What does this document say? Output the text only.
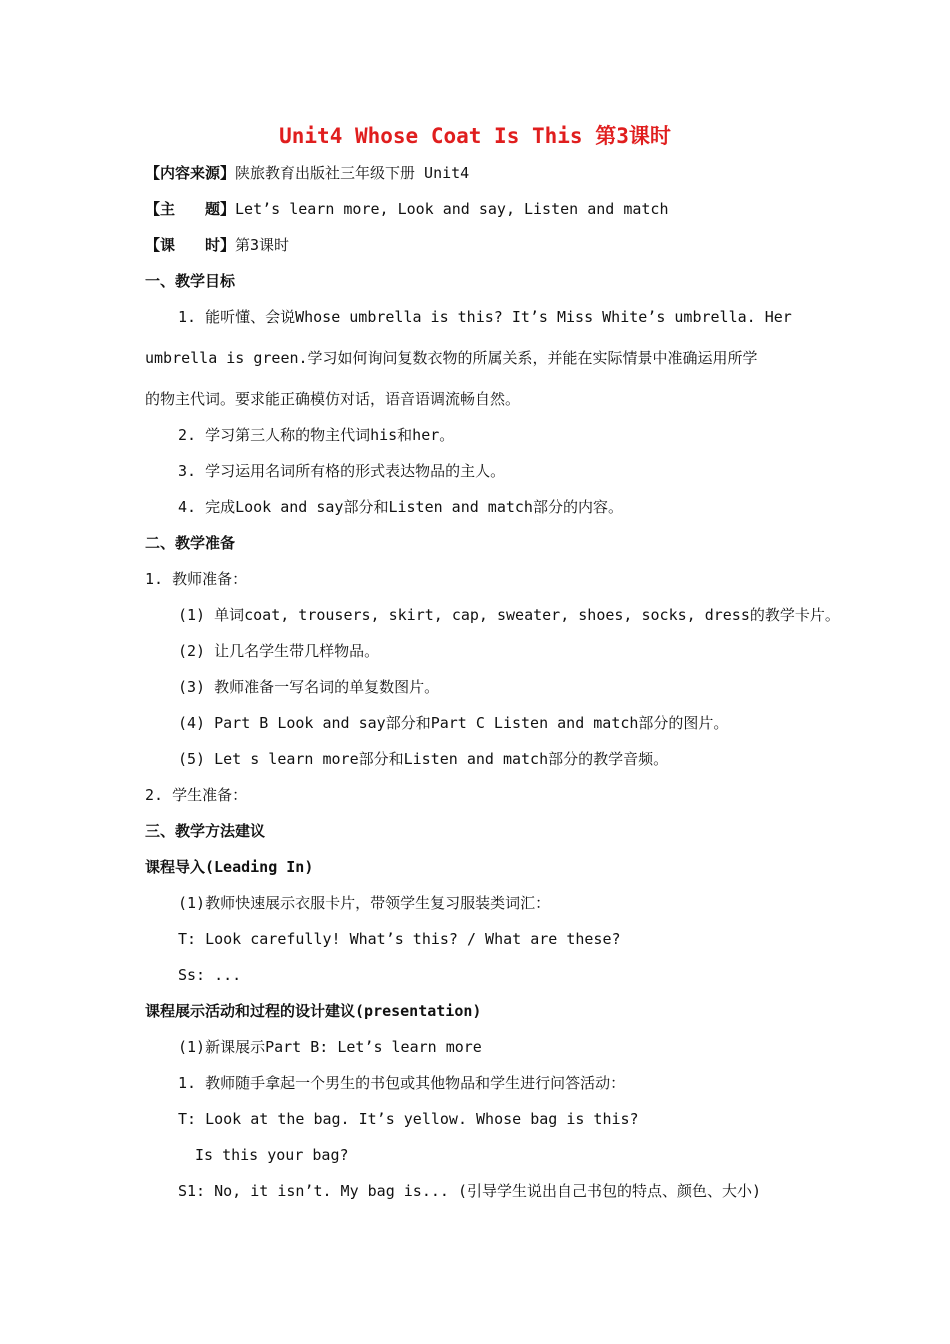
Unit4 Whose Coat Is This 第3课时
【内容来源】陕旅教育出版社三年级下册 Unit4
【主　　题】Let’s learn more, Look and say, Listen and match
【课　　时】第3课时
一、教学目标
1. 能听懂、会说Whose umbrella is this? It’s Miss White’s umbrella. Her
umbrella is green.学习如何询问复数衣物的所属关系，并能在实际情景中准确运用所学
的物主代词。要求能正确模仿对话，语音语调流畅自然。
2. 学习第三人称的物主代词his和her。
3. 学习运用名词所有格的形式表达物品的主人。
4. 完成Look and say部分和Listen and match部分的内容。
二、教学准备
1. 教师准备：
(1) 单词coat, trousers, skirt, cap, sweater, shoes, socks, dress的教学卡片。
(2) 让几名学生带几样物品。
(3) 教师准备一写名词的单复数图片。
(4) Part B Look and say部分和Part C Listen and match部分的图片。
(5) Let s learn more部分和Listen and match部分的教学音频。
2. 学生准备：
三、教学方法建议
课程导入(Leading In)
(1)教师快速展示衣服卡片，带领学生复习服装类词汇：
T: Look carefully! What’s this? / What are these?
Ss: ...
课程展示活动和过程的设计建议(presentation)
(1)新课展示Part B: Let’s learn more
1. 教师随手拿起一个男生的书包或其他物品和学生进行问答活动：
T: Look at the bag. It’s yellow. Whose bag is this?
Is this your bag?
S1: No, it isn’t. My bag is... (引导学生说出自己书包的特点、颜色、大小)
